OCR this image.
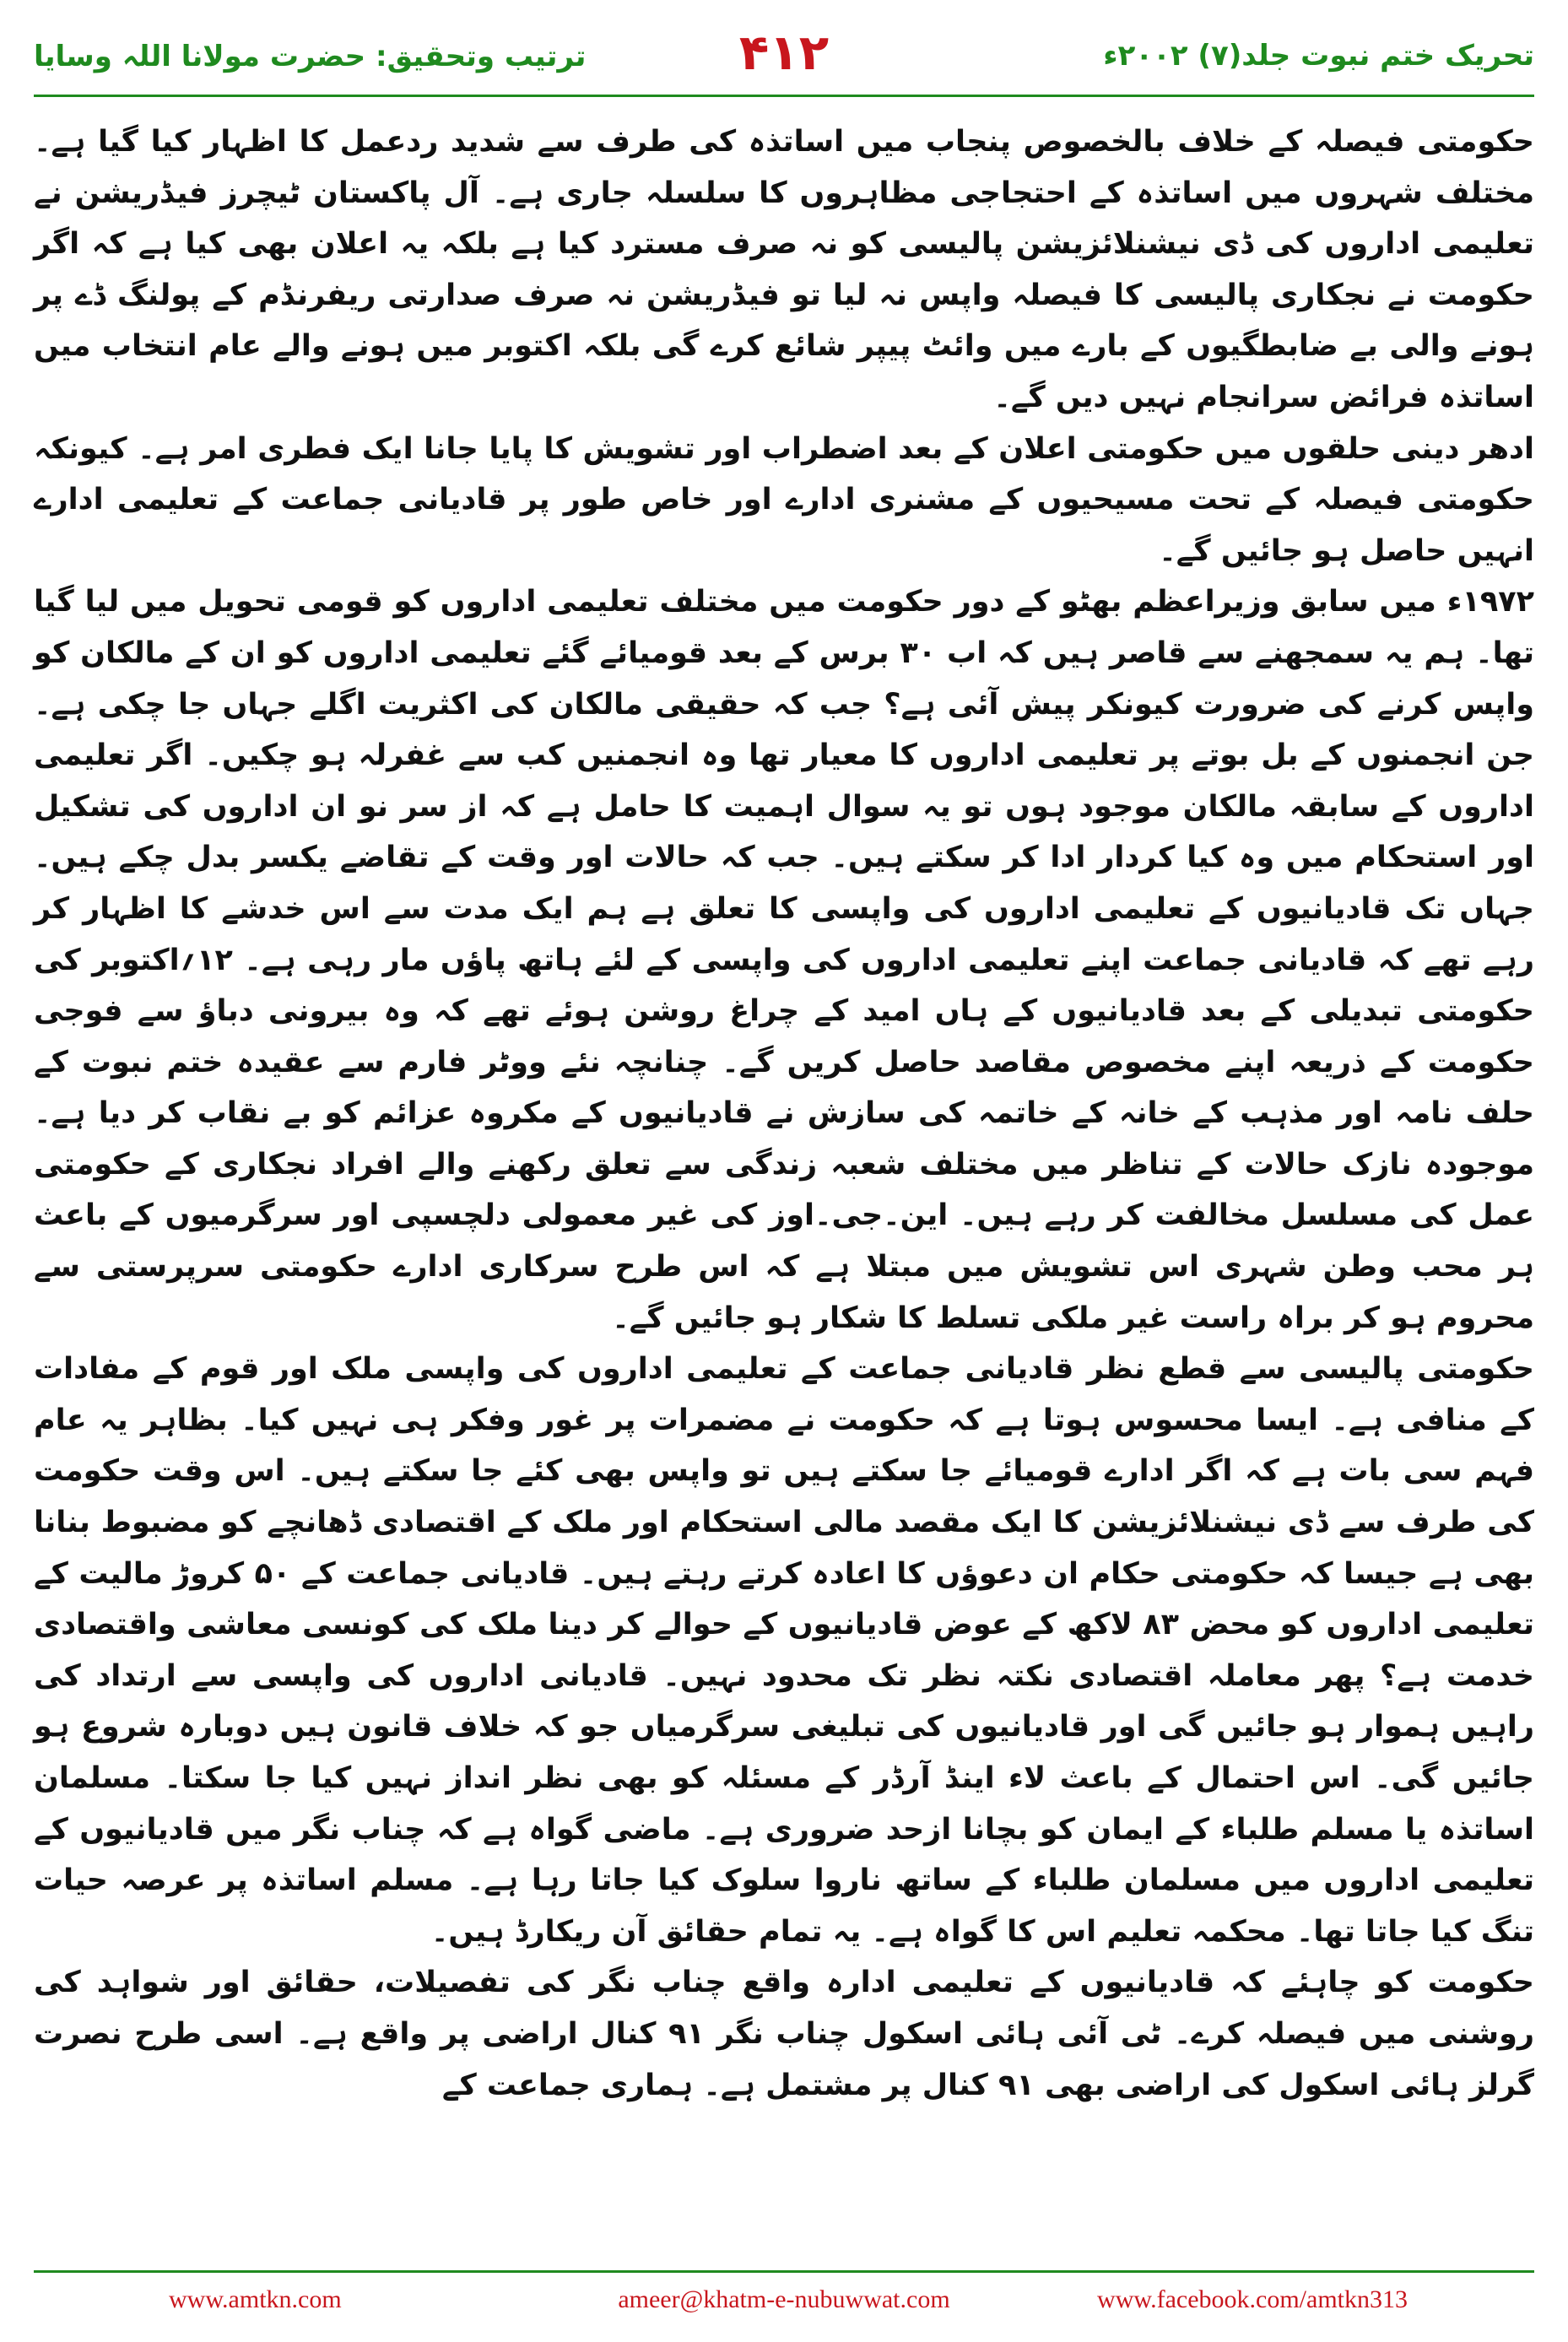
ترتیب وتحقیق: حضرت مولانا اللہ وسایا	۴۱۲	تحریک ختم نبوت جلد(۷) ۲۰۰۲ء

حکومتی فیصلہ کے خلاف بالخصوص پنجاب میں اساتذہ کی طرف سے شدید ردعمل کا اظہار کیا گیا ہے۔ مختلف شہروں میں اساتذہ کے احتجاجی مظاہروں کا سلسلہ جاری ہے۔ آل پاکستان ٹیچرز فیڈریشن نے تعلیمی اداروں کی ڈی نیشنلائزیشن پالیسی کو نہ صرف مسترد کیا ہے بلکہ یہ اعلان بھی کیا ہے کہ اگر حکومت نے نجکاری پالیسی کا فیصلہ واپس نہ لیا تو فیڈریشن نہ صرف صدارتی ریفرنڈم کے پولنگ ڈے پر ہونے والی بے ضابطگیوں کے بارے میں وائٹ پیپر شائع کرے گی بلکہ اکتوبر میں ہونے والے عام انتخاب میں اساتذہ فرائض سرانجام نہیں دیں گے۔

ادھر دینی حلقوں میں حکومتی اعلان کے بعد اضطراب اور تشویش کا پایا جانا ایک فطری امر ہے۔ کیونکہ حکومتی فیصلہ کے تحت مسیحیوں کے مشنری ادارے اور خاص طور پر قادیانی جماعت کے تعلیمی ادارے انہیں حاصل ہو جائیں گے۔

۱۹۷۲ء میں سابق وزیراعظم بھٹو کے دور حکومت میں مختلف تعلیمی اداروں کو قومی تحویل میں لیا گیا تھا۔ ہم یہ سمجھنے سے قاصر ہیں کہ اب ۳۰ برس کے بعد قومیائے گئے تعلیمی اداروں کو ان کے مالکان کو واپس کرنے کی ضرورت کیونکر پیش آئی ہے؟ جب کہ حقیقی مالکان کی اکثریت اگلے جہاں جا چکی ہے۔ جن انجمنوں کے بل بوتے پر تعلیمی اداروں کا معیار تھا وہ انجمنیں کب سے غفرلہ ہو چکیں۔ اگر تعلیمی اداروں کے سابقہ مالکان موجود ہوں تو یہ سوال اہمیت کا حامل ہے کہ از سر نو ان اداروں کی تشکیل اور استحکام میں وہ کیا کردار ادا کر سکتے ہیں۔ جب کہ حالات اور وقت کے تقاضے یکسر بدل چکے ہیں۔ جہاں تک قادیانیوں کے تعلیمی اداروں کی واپسی کا تعلق ہے ہم ایک مدت سے اس خدشے کا اظہار کر رہے تھے کہ قادیانی جماعت اپنے تعلیمی اداروں کی واپسی کے لئے ہاتھ پاؤں مار رہی ہے۔ ۱۲؍اکتوبر کی حکومتی تبدیلی کے بعد قادیانیوں کے ہاں امید کے چراغ روشن ہوئے تھے کہ وہ بیرونی دباؤ سے فوجی حکومت کے ذریعہ اپنے مخصوص مقاصد حاصل کریں گے۔ چنانچہ نئے ووٹر فارم سے عقیدہ ختم نبوت کے حلف نامہ اور مذہب کے خانہ کے خاتمہ کی سازش نے قادیانیوں کے مکروہ عزائم کو بے نقاب کر دیا ہے۔ موجودہ نازک حالات کے تناظر میں مختلف شعبہ زندگی سے تعلق رکھنے والے افراد نجکاری کے حکومتی عمل کی مسلسل مخالفت کر رہے ہیں۔ این۔جی۔اوز کی غیر معمولی دلچسپی اور سرگرمیوں کے باعث ہر محب وطن شہری اس تشویش میں مبتلا ہے کہ اس طرح سرکاری ادارے حکومتی سرپرستی سے محروم ہو کر براہ راست غیر ملکی تسلط کا شکار ہو جائیں گے۔

حکومتی پالیسی سے قطع نظر قادیانی جماعت کے تعلیمی اداروں کی واپسی ملک اور قوم کے مفادات کے منافی ہے۔ ایسا محسوس ہوتا ہے کہ حکومت نے مضمرات پر غور وفکر ہی نہیں کیا۔ بظاہر یہ عام فہم سی بات ہے کہ اگر ادارے قومیائے جا سکتے ہیں تو واپس بھی کئے جا سکتے ہیں۔ اس وقت حکومت کی طرف سے ڈی نیشنلائزیشن کا ایک مقصد مالی استحکام اور ملک کے اقتصادی ڈھانچے کو مضبوط بنانا بھی ہے جیسا کہ حکومتی حکام ان دعوؤں کا اعادہ کرتے رہتے ہیں۔ قادیانی جماعت کے ۵۰ کروڑ مالیت کے تعلیمی اداروں کو محض ۸۳ لاکھ کے عوض قادیانیوں کے حوالے کر دینا ملک کی کونسی معاشی واقتصادی خدمت ہے؟ پھر معاملہ اقتصادی نکتہ نظر تک محدود نہیں۔ قادیانی اداروں کی واپسی سے ارتداد کی راہیں ہموار ہو جائیں گی اور قادیانیوں کی تبلیغی سرگرمیاں جو کہ خلاف قانون ہیں دوبارہ شروع ہو جائیں گی۔ اس احتمال کے باعث لاء اینڈ آرڈر کے مسئلہ کو بھی نظر انداز نہیں کیا جا سکتا۔ مسلمان اساتذہ یا مسلم طلباء کے ایمان کو بچانا ازحد ضروری ہے۔ ماضی گواہ ہے کہ چناب نگر میں قادیانیوں کے تعلیمی اداروں میں مسلمان طلباء کے ساتھ ناروا سلوک کیا جاتا رہا ہے۔ مسلم اساتذہ پر عرصہ حیات تنگ کیا جاتا تھا۔ محکمہ تعلیم اس کا گواہ ہے۔ یہ تمام حقائق آن ریکارڈ ہیں۔

حکومت کو چاہئے کہ قادیانیوں کے تعلیمی ادارہ واقع چناب نگر کی تفصیلات، حقائق اور شواہد کی روشنی میں فیصلہ کرے۔ ٹی آئی ہائی اسکول چناب نگر ۹۱ کنال اراضی پر واقع ہے۔ اسی طرح نصرت گرلز ہائی اسکول کی اراضی بھی ۹۱ کنال پر مشتمل ہے۔ ہماری جماعت کے

www.amtkn.com	ameer@khatm-e-nubuwwat.com	www.facebook.com/amtkn313
